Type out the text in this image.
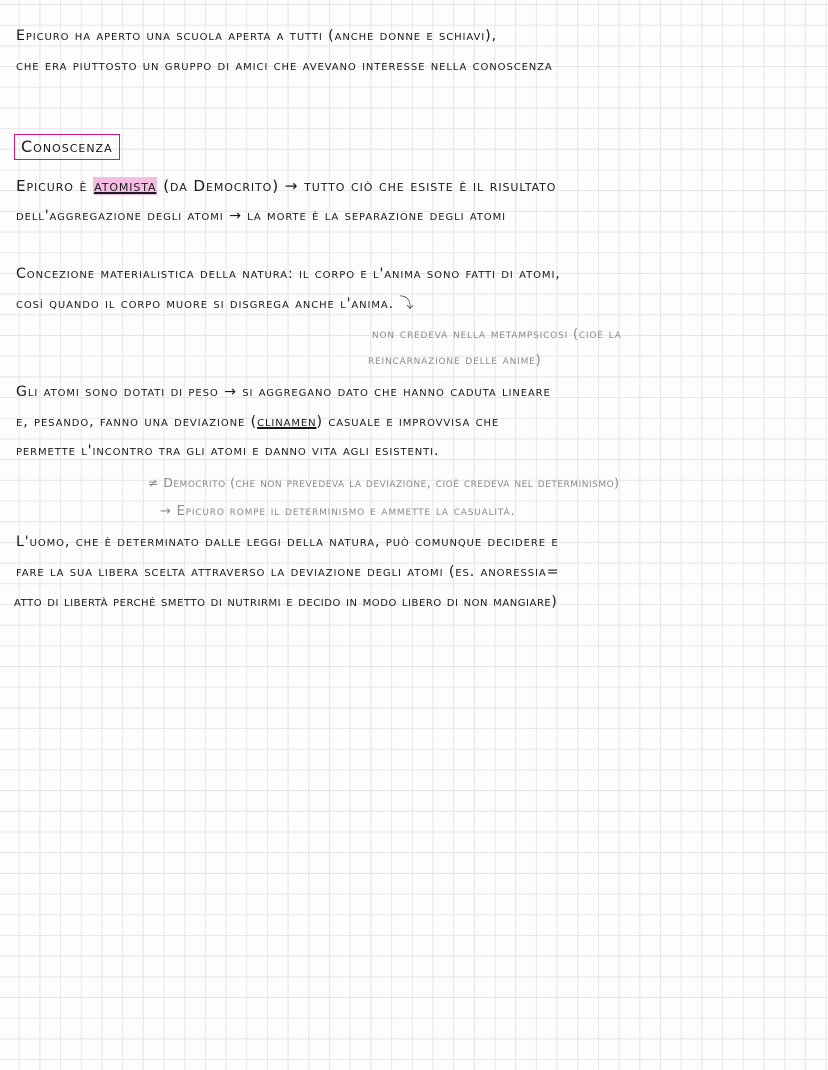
Epicuro ha aperto una scuola aperta a tutti (anche donne e schiavi),
che era piuttosto un gruppo di amici che avevano interesse nella conoscenza
Conoscenza
Epicuro è atomista (da Democrito) → tutto ciò che esiste è il risultato
dell'aggregazione degli atomi → la morte è la separazione degli atomi
Concezione materialistica della natura: il corpo e l'anima sono fatti di atomi,
così quando il corpo muore si disgrega anche l'anima. ⤵
non credeva nella metampsicosi (cioè la
reincarnazione delle anime)
Gli atomi sono dotati di peso → si aggregano dato che hanno caduta lineare
e, pesando, fanno una deviazione (clinamen) casuale e improvvisa che
permette l'incontro tra gli atomi e danno vita agli esistenti.
≠ Democrito (che non prevedeva la deviazione, cioè credeva nel determinismo)
→ Epicuro rompe il determinismo e ammette la casualità.
L'uomo, che è determinato dalle leggi della natura, può comunque decidere e
fare la sua libera scelta attraverso la deviazione degli atomi (es. anoressia=
atto di libertà perché smetto di nutrirmi e decido in modo libero di non mangiare)
